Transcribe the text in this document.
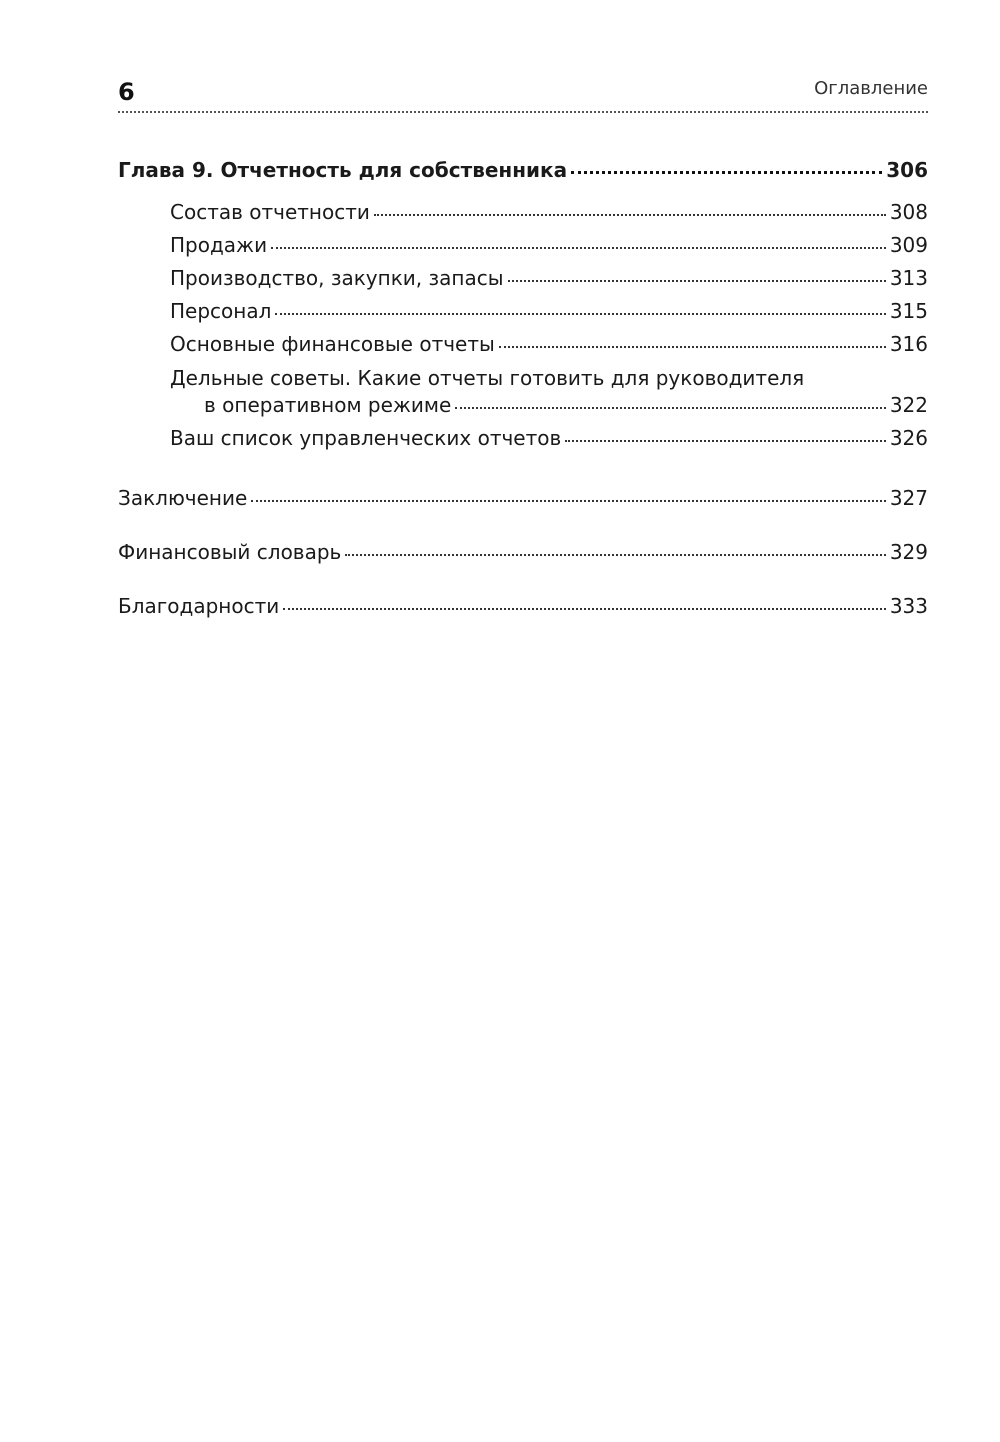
6	Оглавление
Глава 9. Отчетность для собственника	306
Состав отчетности	308
Продажи	309
Производство, закупки, запасы	313
Персонал	315
Основные финансовые отчеты	316
Дельные советы. Какие отчеты готовить для руководителя
в оперативном режиме	322
Ваш список управленческих отчетов	326
Заключение	327
Финансовый словарь	329
Благодарности	333
